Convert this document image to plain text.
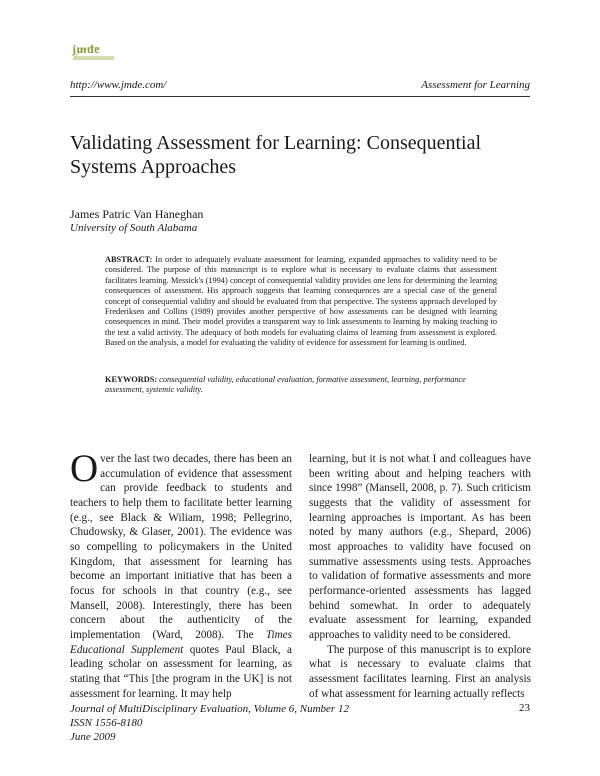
jmde
http://www.jmde.com/	Assessment for Learning
Validating Assessment for Learning: Consequential Systems Approaches
James Patric Van Haneghan
University of South Alabama
ABSTRACT: In order to adequately evaluate assessment for learning, expanded approaches to validity need to be considered. The purpose of this manuscript is to explore what is necessary to evaluate claims that assessment facilitates learning. Messick's (1994) concept of consequential validity provides one lens for determining the learning consequences of assessment. His approach suggests that learning consequences are a special case of the general concept of consequential validity and should be evaluated from that perspective. The systems approach developed by Frederiksen and Collins (1989) provides another perspective of how assessments can be designed with learning consequences in mind. Their model provides a transparent way to link assessments to learning by making teaching to the test a valid activity. The adequacy of both models for evaluating claims of learning from assessment is explored. Based on the analysis, a model for evaluating the validity of evidence for assessment for learning is outlined.
KEYWORDS: consequential validity, educational evaluation, formative assessment, learning, performance assessment, systemic validity.

Over the last two decades, there has been an accumulation of evidence that assessment can provide feedback to students and teachers to help them to facilitate better learning (e.g., see Black & Wiliam, 1998; Pellegrino, Chudowsky, & Glaser, 2001). The evidence was so compelling to policymakers in the United Kingdom, that assessment for learning has become an important initiative that has been a focus for schools in that country (e.g., see Mansell, 2008). Interestingly, there has been concern about the authenticity of the implementation (Ward, 2008). The Times Educational Supplement quotes Paul Black, a leading scholar on assessment for learning, as stating that “This [the program in the UK] is not assessment for learning. It may help

learning, but it is not what I and colleagues have been writing about and helping teachers with since 1998” (Mansell, 2008, p. 7). Such criticism suggests that the validity of assessment for learning approaches is important. As has been noted by many authors (e.g., Shepard, 2006) most approaches to validity have focused on summative assessments using tests. Approaches to validation of formative assessments and more performance-oriented assessments has lagged behind somewhat. In order to adequately evaluate assessment for learning, expanded approaches to validity need to be considered.

The purpose of this manuscript is to explore what is necessary to evaluate claims that assessment facilitates learning. First an analysis of what assessment for learning actually reflects

Journal of MultiDisciplinary Evaluation, Volume 6, Number 12
ISSN 1556-8180
June 2009
23
